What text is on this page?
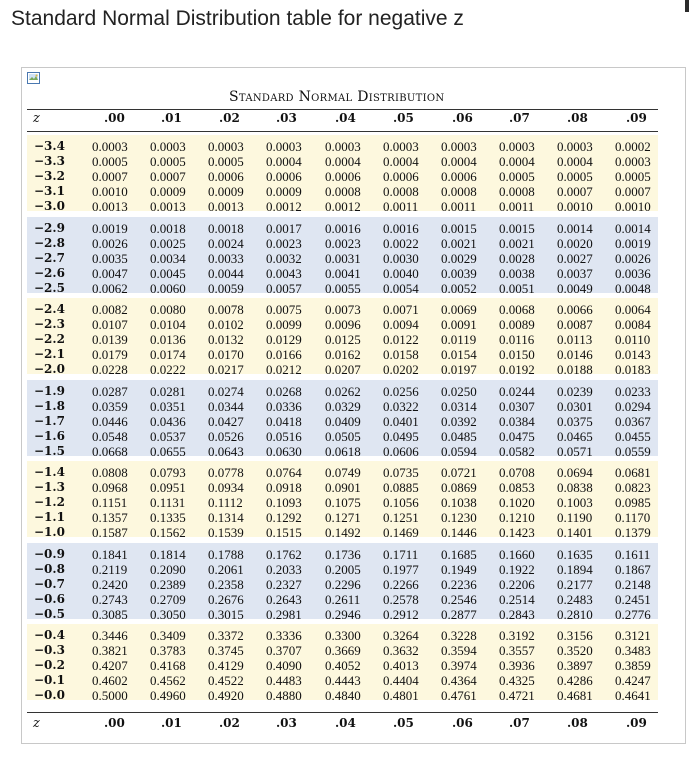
Standard Normal Distribution table for negative z
Standard Normal Distribution
z	.00	.01	.02	.03	.04	.05	.06	.07	.08	.09
−3.4 0.0003 0.0003 0.0003 0.0003 0.0003 0.0003 0.0003 0.0003 0.0003 0.0002
−3.3 0.0005 0.0005 0.0005 0.0004 0.0004 0.0004 0.0004 0.0004 0.0004 0.0003
−3.2 0.0007 0.0007 0.0006 0.0006 0.0006 0.0006 0.0006 0.0005 0.0005 0.0005
−3.1 0.0010 0.0009 0.0009 0.0009 0.0008 0.0008 0.0008 0.0008 0.0007 0.0007
−3.0 0.0013 0.0013 0.0013 0.0012 0.0012 0.0011 0.0011 0.0011 0.0010 0.0010
−2.9 0.0019 0.0018 0.0018 0.0017 0.0016 0.0016 0.0015 0.0015 0.0014 0.0014
−2.8 0.0026 0.0025 0.0024 0.0023 0.0023 0.0022 0.0021 0.0021 0.0020 0.0019
−2.7 0.0035 0.0034 0.0033 0.0032 0.0031 0.0030 0.0029 0.0028 0.0027 0.0026
−2.6 0.0047 0.0045 0.0044 0.0043 0.0041 0.0040 0.0039 0.0038 0.0037 0.0036
−2.5 0.0062 0.0060 0.0059 0.0057 0.0055 0.0054 0.0052 0.0051 0.0049 0.0048
−2.4 0.0082 0.0080 0.0078 0.0075 0.0073 0.0071 0.0069 0.0068 0.0066 0.0064
−2.3 0.0107 0.0104 0.0102 0.0099 0.0096 0.0094 0.0091 0.0089 0.0087 0.0084
−2.2 0.0139 0.0136 0.0132 0.0129 0.0125 0.0122 0.0119 0.0116 0.0113 0.0110
−2.1 0.0179 0.0174 0.0170 0.0166 0.0162 0.0158 0.0154 0.0150 0.0146 0.0143
−2.0 0.0228 0.0222 0.0217 0.0212 0.0207 0.0202 0.0197 0.0192 0.0188 0.0183
−1.9 0.0287 0.0281 0.0274 0.0268 0.0262 0.0256 0.0250 0.0244 0.0239 0.0233
−1.8 0.0359 0.0351 0.0344 0.0336 0.0329 0.0322 0.0314 0.0307 0.0301 0.0294
−1.7 0.0446 0.0436 0.0427 0.0418 0.0409 0.0401 0.0392 0.0384 0.0375 0.0367
−1.6 0.0548 0.0537 0.0526 0.0516 0.0505 0.0495 0.0485 0.0475 0.0465 0.0455
−1.5 0.0668 0.0655 0.0643 0.0630 0.0618 0.0606 0.0594 0.0582 0.0571 0.0559
−1.4 0.0808 0.0793 0.0778 0.0764 0.0749 0.0735 0.0721 0.0708 0.0694 0.0681
−1.3 0.0968 0.0951 0.0934 0.0918 0.0901 0.0885 0.0869 0.0853 0.0838 0.0823
−1.2 0.1151 0.1131 0.1112 0.1093 0.1075 0.1056 0.1038 0.1020 0.1003 0.0985
−1.1 0.1357 0.1335 0.1314 0.1292 0.1271 0.1251 0.1230 0.1210 0.1190 0.1170
−1.0 0.1587 0.1562 0.1539 0.1515 0.1492 0.1469 0.1446 0.1423 0.1401 0.1379
−0.9 0.1841 0.1814 0.1788 0.1762 0.1736 0.1711 0.1685 0.1660 0.1635 0.1611
−0.8 0.2119 0.2090 0.2061 0.2033 0.2005 0.1977 0.1949 0.1922 0.1894 0.1867
−0.7 0.2420 0.2389 0.2358 0.2327 0.2296 0.2266 0.2236 0.2206 0.2177 0.2148
−0.6 0.2743 0.2709 0.2676 0.2643 0.2611 0.2578 0.2546 0.2514 0.2483 0.2451
−0.5 0.3085 0.3050 0.3015 0.2981 0.2946 0.2912 0.2877 0.2843 0.2810 0.2776
−0.4 0.3446 0.3409 0.3372 0.3336 0.3300 0.3264 0.3228 0.3192 0.3156 0.3121
−0.3 0.3821 0.3783 0.3745 0.3707 0.3669 0.3632 0.3594 0.3557 0.3520 0.3483
−0.2 0.4207 0.4168 0.4129 0.4090 0.4052 0.4013 0.3974 0.3936 0.3897 0.3859
−0.1 0.4602 0.4562 0.4522 0.4483 0.4443 0.4404 0.4364 0.4325 0.4286 0.4247
−0.0 0.5000 0.4960 0.4920 0.4880 0.4840 0.4801 0.4761 0.4721 0.4681 0.4641
z	.00	.01	.02	.03	.04	.05	.06	.07	.08	.09
